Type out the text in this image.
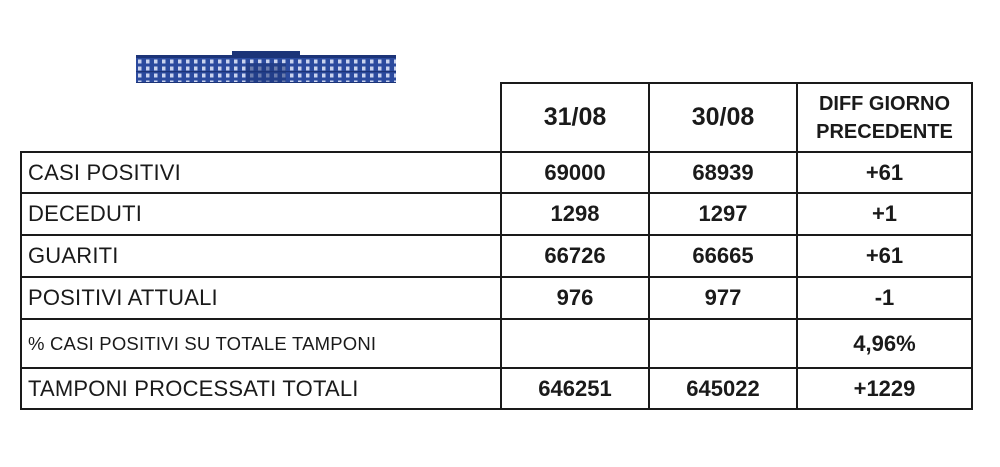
	31/08	30/08	DIFF GIORNO
PRECEDENTE
CASI POSITIVI	69000	68939	+61
DECEDUTI	1298	1297	+1
GUARITI	66726	66665	+61
POSITIVI ATTUALI	976	977	-1
% CASI POSITIVI SU TOTALE TAMPONI			4,96%
TAMPONI PROCESSATI TOTALI	646251	645022	+1229
